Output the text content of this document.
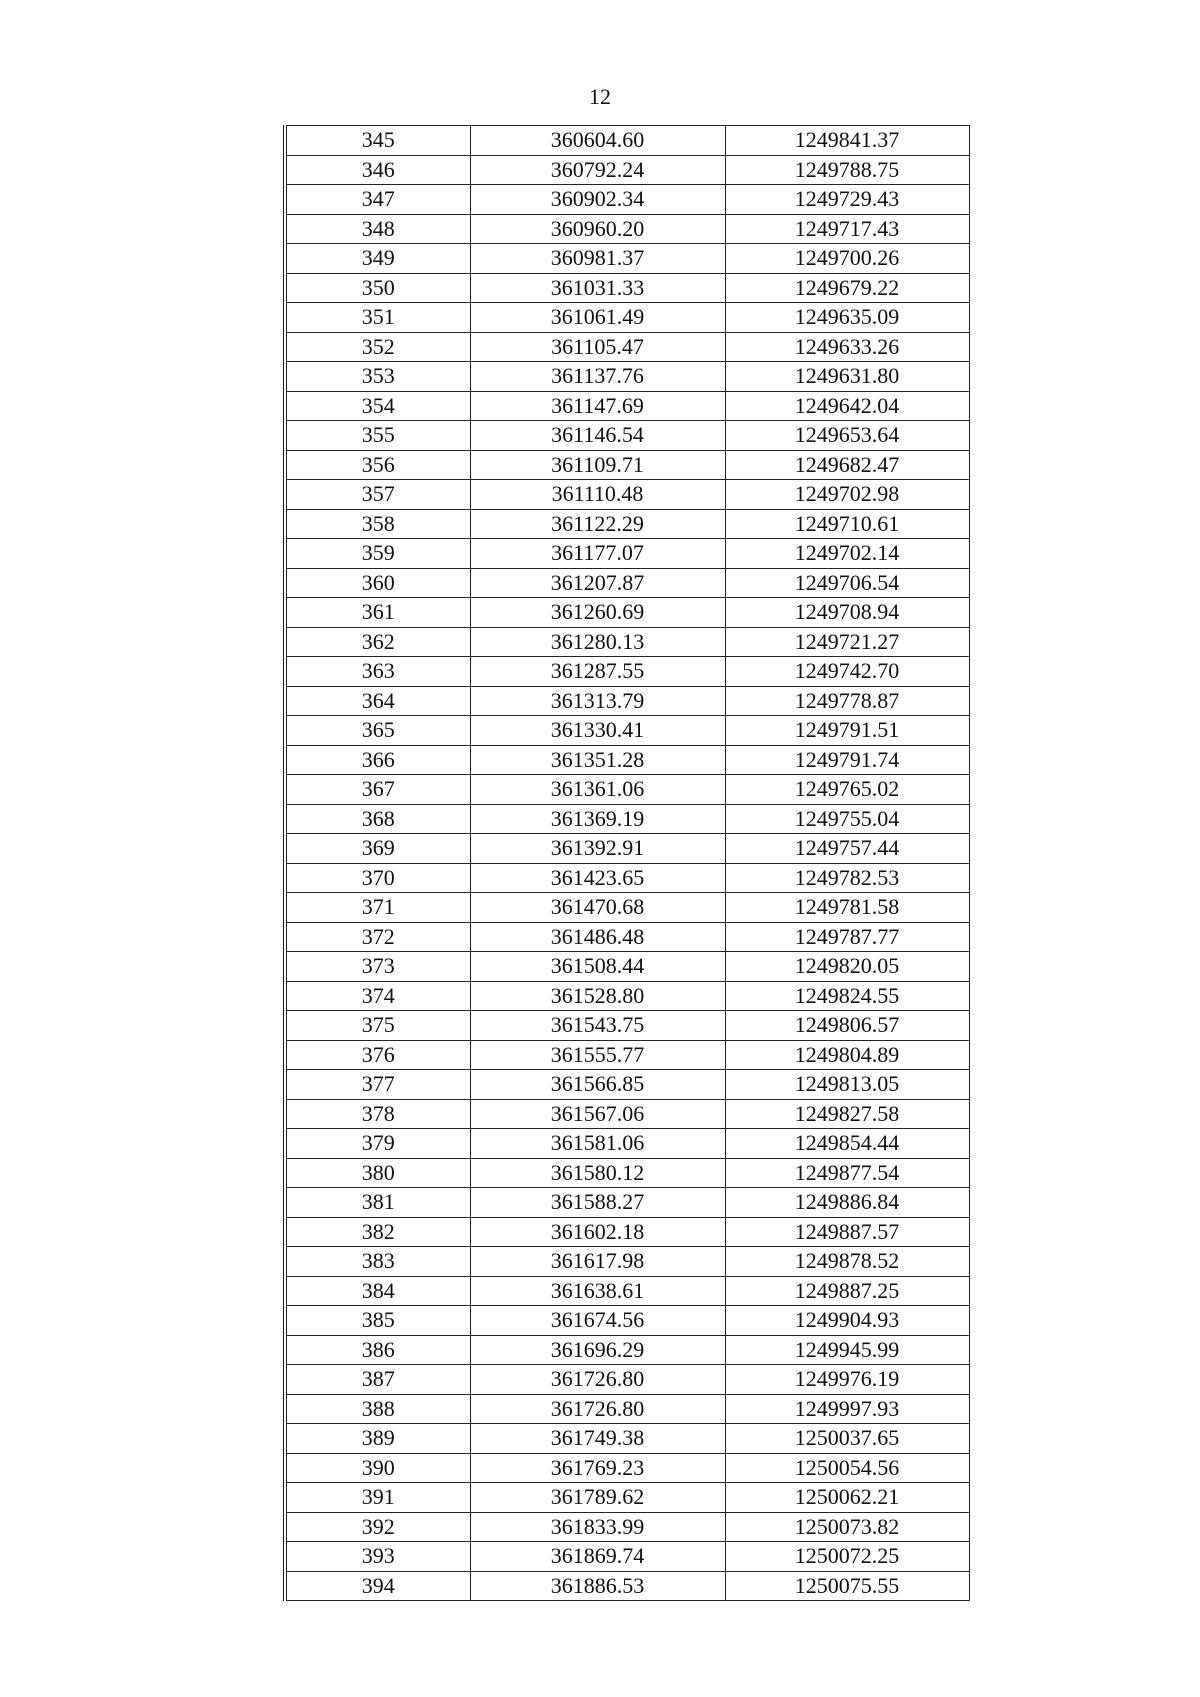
12
345	360604.60	1249841.37
346	360792.24	1249788.75
347	360902.34	1249729.43
348	360960.20	1249717.43
349	360981.37	1249700.26
350	361031.33	1249679.22
351	361061.49	1249635.09
352	361105.47	1249633.26
353	361137.76	1249631.80
354	361147.69	1249642.04
355	361146.54	1249653.64
356	361109.71	1249682.47
357	361110.48	1249702.98
358	361122.29	1249710.61
359	361177.07	1249702.14
360	361207.87	1249706.54
361	361260.69	1249708.94
362	361280.13	1249721.27
363	361287.55	1249742.70
364	361313.79	1249778.87
365	361330.41	1249791.51
366	361351.28	1249791.74
367	361361.06	1249765.02
368	361369.19	1249755.04
369	361392.91	1249757.44
370	361423.65	1249782.53
371	361470.68	1249781.58
372	361486.48	1249787.77
373	361508.44	1249820.05
374	361528.80	1249824.55
375	361543.75	1249806.57
376	361555.77	1249804.89
377	361566.85	1249813.05
378	361567.06	1249827.58
379	361581.06	1249854.44
380	361580.12	1249877.54
381	361588.27	1249886.84
382	361602.18	1249887.57
383	361617.98	1249878.52
384	361638.61	1249887.25
385	361674.56	1249904.93
386	361696.29	1249945.99
387	361726.80	1249976.19
388	361726.80	1249997.93
389	361749.38	1250037.65
390	361769.23	1250054.56
391	361789.62	1250062.21
392	361833.99	1250073.82
393	361869.74	1250072.25
394	361886.53	1250075.55
